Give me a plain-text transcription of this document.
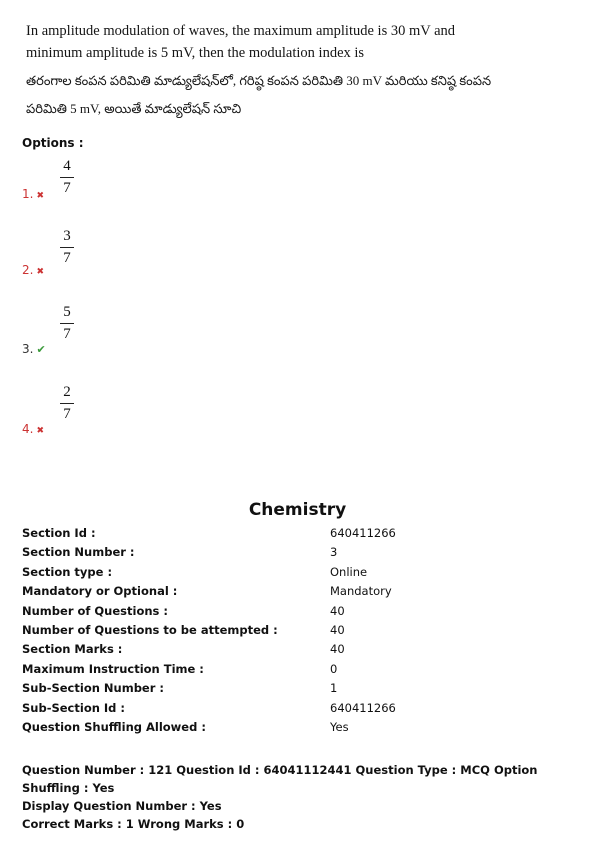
In amplitude modulation of waves, the maximum amplitude is 30 mV and
minimum amplitude is 5 mV, then the modulation index is
తరంగాల కంపన పరిమితి మాడ్యులేషన్‌లో, గరిష్ఠ కంపన పరిమితి 30 mV మరియు కనిష్ఠ కంపన
పరిమితి 5 mV, అయితే మాడ్యులేషన్ సూచి
Options :
1. ✖
4
7
2. ✖
3
7
3. ✔
5
7
4. ✖
2
7
Chemistry
Section Id :	640411266
Section Number :	3
Section type :	Online
Mandatory or Optional :	Mandatory
Number of Questions :	40
Number of Questions to be attempted :	40
Section Marks :	40
Maximum Instruction Time :	0
Sub-Section Number :	1
Sub-Section Id :	640411266
Question Shuffling Allowed :	Yes
Question Number : 121 Question Id : 64041112441 Question Type : MCQ Option Shuffling : Yes
Display Question Number : Yes
Correct Marks : 1 Wrong Marks : 0
